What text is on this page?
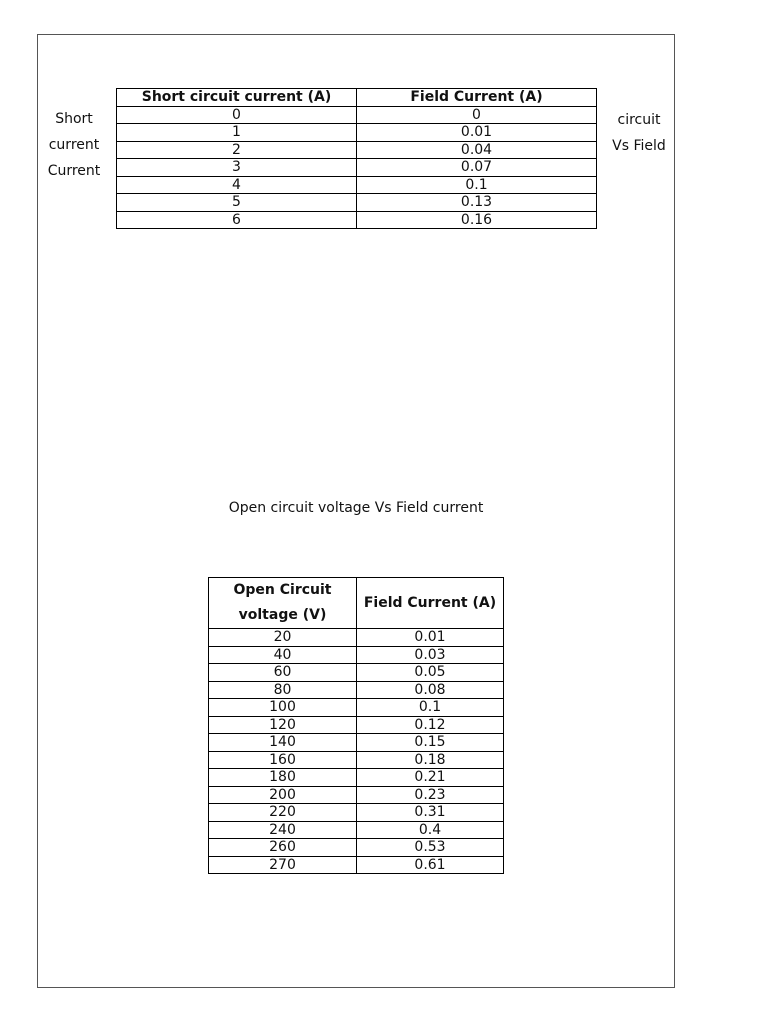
Short
current
Current
circuit
Vs Field
Short circuit current (A)	Field Current (A)
0	0
1	0.01
2	0.04
3	0.07
4	0.1
5	0.13
6	0.16
Open circuit voltage Vs Field current
Open Circuit voltage (V)	Field Current (A)
20	0.01
40	0.03
60	0.05
80	0.08
100	0.1
120	0.12
140	0.15
160	0.18
180	0.21
200	0.23
220	0.31
240	0.4
260	0.53
270	0.61
